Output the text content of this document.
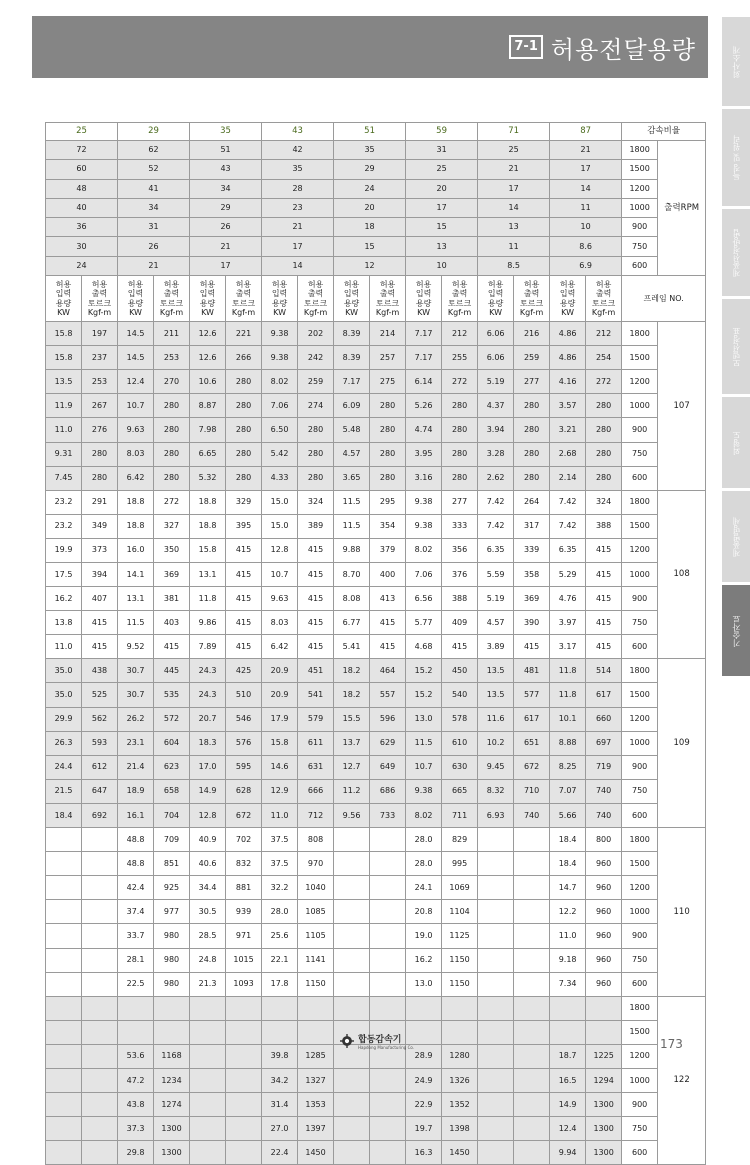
7-1 허용전달용량	회사소개
특징 및 원리
제품선정방법
모델선정표
외형도
제품별명세
기술자료
25		29		35		43		51		59		71		87		감속비율	
72		62		51		42		35		31		25		21		1800	출력RPM
60		52		43		35		29		25		21		17		1500	
48		41		34		28		24		20		17		14		1200	
40		34		29		23		20		17		14		11		1000	
36		31		26		21		18		15		13		10		900	
30		26		21		17		15		13		11		8.6		750	
24		21		17		14		12		10		8.5		6.9		600	
허용
입력
용량
KW	허용
출력
토르크
Kgf-m	허용
입력
용량
KW	허용
출력
토르크
Kgf-m	허용
입력
용량
KW	허용
출력
토르크
Kgf-m	허용
입력
용량
KW	허용
출력
토르크
Kgf-m	허용
입력
용량
KW	허용
출력
토르크
Kgf-m	허용
입력
용량
KW	허용
출력
토르크
Kgf-m	허용
입력
용량
KW	허용
출력
토르크
Kgf-m	허용
입력
용량
KW	허용
출력
토르크
Kgf-m	프레임 NO.	
15.8	197	14.5	211	12.6	221	9.38	202	8.39	214	7.17	212	6.06	216	4.86	212	1800	107
15.8	237	14.5	253	12.6	266	9.38	242	8.39	257	7.17	255	6.06	259	4.86	254	1500	
13.5	253	12.4	270	10.6	280	8.02	259	7.17	275	6.14	272	5.19	277	4.16	272	1200	
11.9	267	10.7	280	8.87	280	7.06	274	6.09	280	5.26	280	4.37	280	3.57	280	1000	
11.0	276	9.63	280	7.98	280	6.50	280	5.48	280	4.74	280	3.94	280	3.21	280	900	
9.31	280	8.03	280	6.65	280	5.42	280	4.57	280	3.95	280	3.28	280	2.68	280	750	
7.45	280	6.42	280	5.32	280	4.33	280	3.65	280	3.16	280	2.62	280	2.14	280	600	
23.2	291	18.8	272	18.8	329	15.0	324	11.5	295	9.38	277	7.42	264	7.42	324	1800	108
23.2	349	18.8	327	18.8	395	15.0	389	11.5	354	9.38	333	7.42	317	7.42	388	1500	
19.9	373	16.0	350	15.8	415	12.8	415	9.88	379	8.02	356	6.35	339	6.35	415	1200	
17.5	394	14.1	369	13.1	415	10.7	415	8.70	400	7.06	376	5.59	358	5.29	415	1000	
16.2	407	13.1	381	11.8	415	9.63	415	8.08	413	6.56	388	5.19	369	4.76	415	900	
13.8	415	11.5	403	9.86	415	8.03	415	6.77	415	5.77	409	4.57	390	3.97	415	750	
11.0	415	9.52	415	7.89	415	6.42	415	5.41	415	4.68	415	3.89	415	3.17	415	600	
35.0	438	30.7	445	24.3	425	20.9	451	18.2	464	15.2	450	13.5	481	11.8	514	1800	109
35.0	525	30.7	535	24.3	510	20.9	541	18.2	557	15.2	540	13.5	577	11.8	617	1500	
29.9	562	26.2	572	20.7	546	17.9	579	15.5	596	13.0	578	11.6	617	10.1	660	1200	
26.3	593	23.1	604	18.3	576	15.8	611	13.7	629	11.5	610	10.2	651	8.88	697	1000	
24.4	612	21.4	623	17.0	595	14.6	631	12.7	649	10.7	630	9.45	672	8.25	719	900	
21.5	647	18.9	658	14.9	628	12.9	666	11.2	686	9.38	665	8.32	710	7.07	740	750	
18.4	692	16.1	704	12.8	672	11.0	712	9.56	733	8.02	711	6.93	740	5.66	740	600	
		48.8	709	40.9	702	37.5	808			28.0	829			18.4	800	1800	110
		48.8	851	40.6	832	37.5	970			28.0	995			18.4	960	1500	
		42.4	925	34.4	881	32.2	1040			24.1	1069			14.7	960	1200	
		37.4	977	30.5	939	28.0	1085			20.8	1104			12.2	960	1000	
		33.7	980	28.5	971	25.6	1105			19.0	1125			11.0	960	900	
		28.1	980	24.8	1015	22.1	1141			16.2	1150			9.18	960	750	
		22.5	980	21.3	1093	17.8	1150			13.0	1150			7.34	960	600	
																1800	122
																1500	
		53.6	1168			39.8	1285			28.9	1280			18.7	1225	1200	
		47.2	1234			34.2	1327			24.9	1326			16.5	1294	1000	
		43.8	1274			31.4	1353			22.9	1352			14.9	1300	900	
		37.3	1300			27.0	1397			19.7	1398			12.4	1300	750	
		29.8	1300			22.4	1450			16.3	1450			9.94	1300	600	
합동감속기
Hapdong Manufacturing Co.	173
